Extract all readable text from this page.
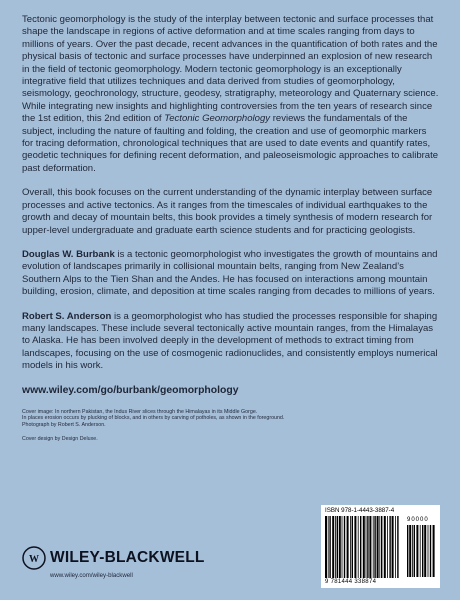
Tectonic geomorphology is the study of the interplay between tectonic and surface processes that shape the landscape in regions of active deformation and at time scales ranging from days to millions of years. Over the past decade, recent advances in the quantification of both rates and the physical basis of tectonic and surface processes have underpinned an explosion of new research in the field of tectonic geomorphology. Modern tectonic geomorphology is an exceptionally integrative field that utilizes techniques and data derived from studies of geomorphology, seismology, geochronology, structure, geodesy, stratigraphy, meteorology and Quaternary science. While integrating new insights and highlighting controversies from the ten years of research since the 1st edition, this 2nd edition of Tectonic Geomorphology reviews the fundamentals of the subject, including the nature of faulting and folding, the creation and use of geomorphic markers for tracing deformation, chronological techniques that are used to date events and quantify rates, geodetic techniques for defining recent deformation, and paleoseismologic approaches to calibrate past deformation.

Overall, this book focuses on the current understanding of the dynamic interplay between surface processes and active tectonics. As it ranges from the timescales of individual earthquakes to the growth and decay of mountain belts, this book provides a timely synthesis of modern research for upper-level undergraduate and graduate earth science students and for practicing geologists.

Douglas W. Burbank is a tectonic geomorphologist who investigates the growth of mountains and evolution of landscapes primarily in collisional mountain belts, ranging from New Zealand’s Southern Alps to the Tien Shan and the Andes. He has focused on interactions among mountain building, erosion, climate, and deposition at time scales ranging from decades to millions of years.

Robert S. Anderson is a geomorphologist who has studied the processes responsible for shaping many landscapes. These include several tectonically active mountain ranges, from the Himalayas to Alaska. He has been involved deeply in the development of methods to extract timing from landscapes, focusing on the use of cosmogenic radionuclides, and consistently employs numerical models in his work.

www.wiley.com/go/burbank/geomorphology

Cover image: In northern Pakistan, the Indus River slices through the Himalayas in its Middle Gorge.

In places erosion occurs by plucking of blocks, and in others by carving of potholes, as shown in the foreground.

Photograph by Robert S. Anderson.

Cover design by Design Deluxe.

W WILEY-BLACKWELL
www.wiley.com/wiley-blackwell
ISBN 978-1-4443-3887-4
90000
9 781444 338874
